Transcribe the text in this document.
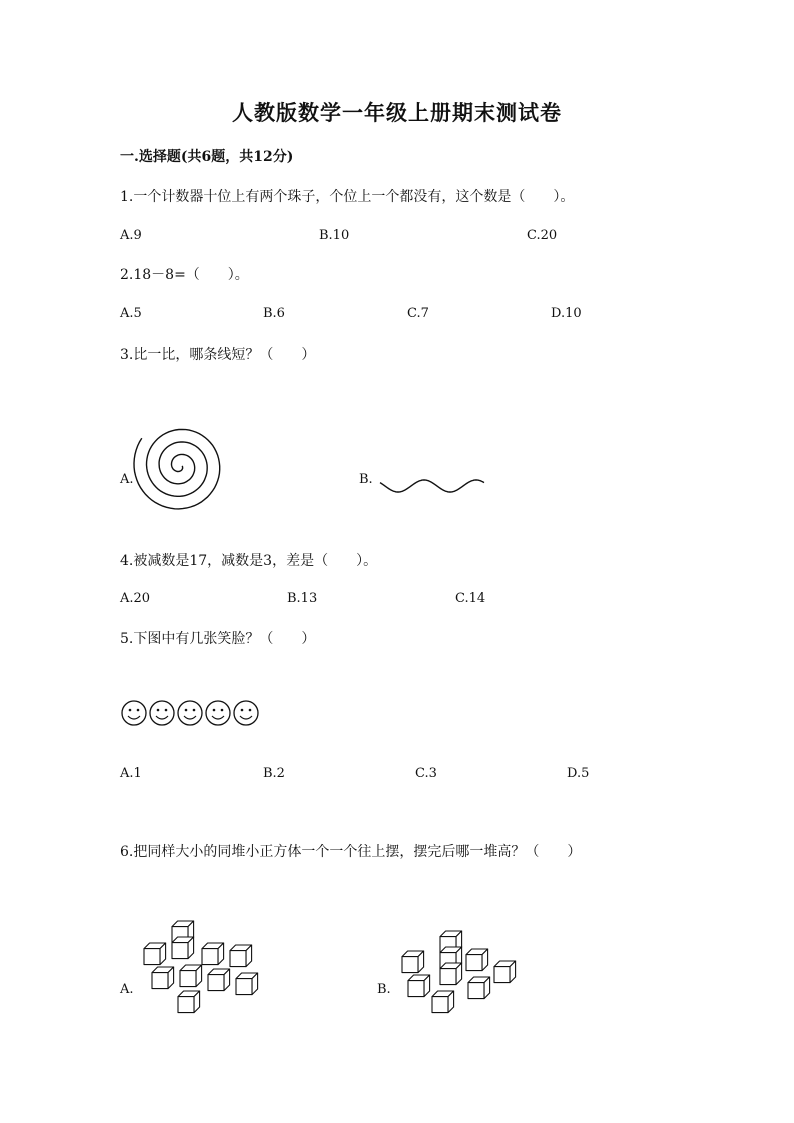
人教版数学一年级上册期末测试卷
一.选择题(共6题，共12分)
1.一个计数器十位上有两个珠子，个位上一个都没有，这个数是（　　）。
A.9	B.10	C.20
2.18－8=（　　）。
A.5	B.6	C.7	D.10
3.比一比，哪条线短？（　　）
A.	B.
4.被减数是17，减数是3，差是（　　）。
A.20	B.13	C.14
5.下图中有几张笑脸？（　　）
A.1	B.2	C.3	D.5
6.把同样大小的同堆小正方体一个一个往上摆，摆完后哪一堆高？（　　）
A.	B.
